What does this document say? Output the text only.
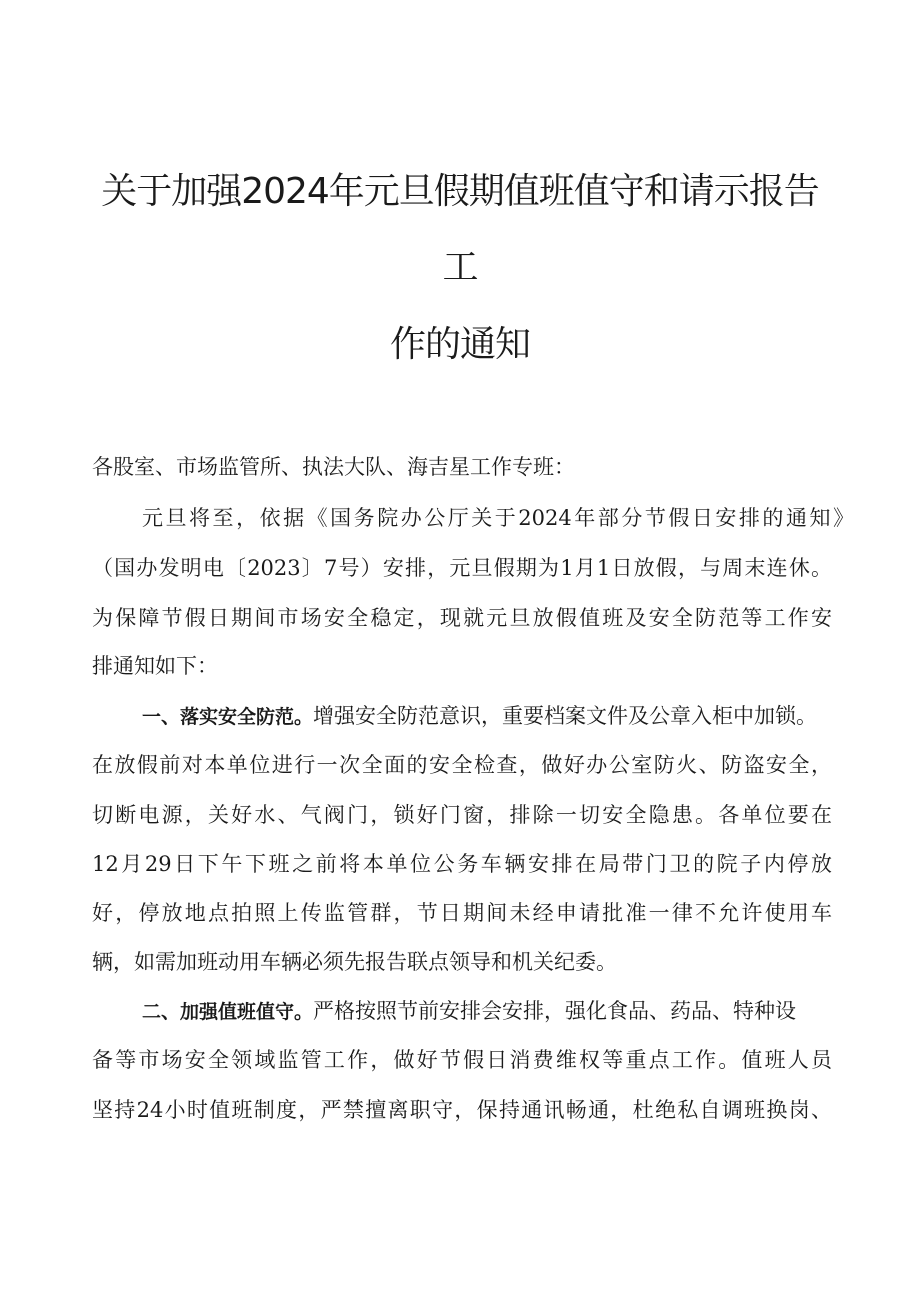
关于加强2024年元旦假期值班值守和请示报告
工
作的通知
各股室、市场监管所、执法大队、海吉星工作专班：
元旦将至，依据《国务院办公厅关于2024年部分节假日安排的通知》
（国办发明电〔2023〕7号）安排，元旦假期为1月1日放假，与周末连休。
为保障节假日期间市场安全稳定，现就元旦放假值班及安全防范等工作安
排通知如下：
一、落实安全防范。增强安全防范意识，重要档案文件及公章入柜中加锁。
在放假前对本单位进行一次全面的安全检查，做好办公室防火、防盗安全，
切断电源，关好水、气阀门，锁好门窗，排除一切安全隐患。各单位要在
12月29日下午下班之前将本单位公务车辆安排在局带门卫的院子内停放
好，停放地点拍照上传监管群，节日期间未经申请批准一律不允许使用车
辆，如需加班动用车辆必须先报告联点领导和机关纪委。
二、加强值班值守。严格按照节前安排会安排，强化食品、药品、特种设
备等市场安全领域监管工作，做好节假日消费维权等重点工作。值班人员
坚持24小时值班制度，严禁擅离职守，保持通讯畅通，杜绝私自调班换岗、
